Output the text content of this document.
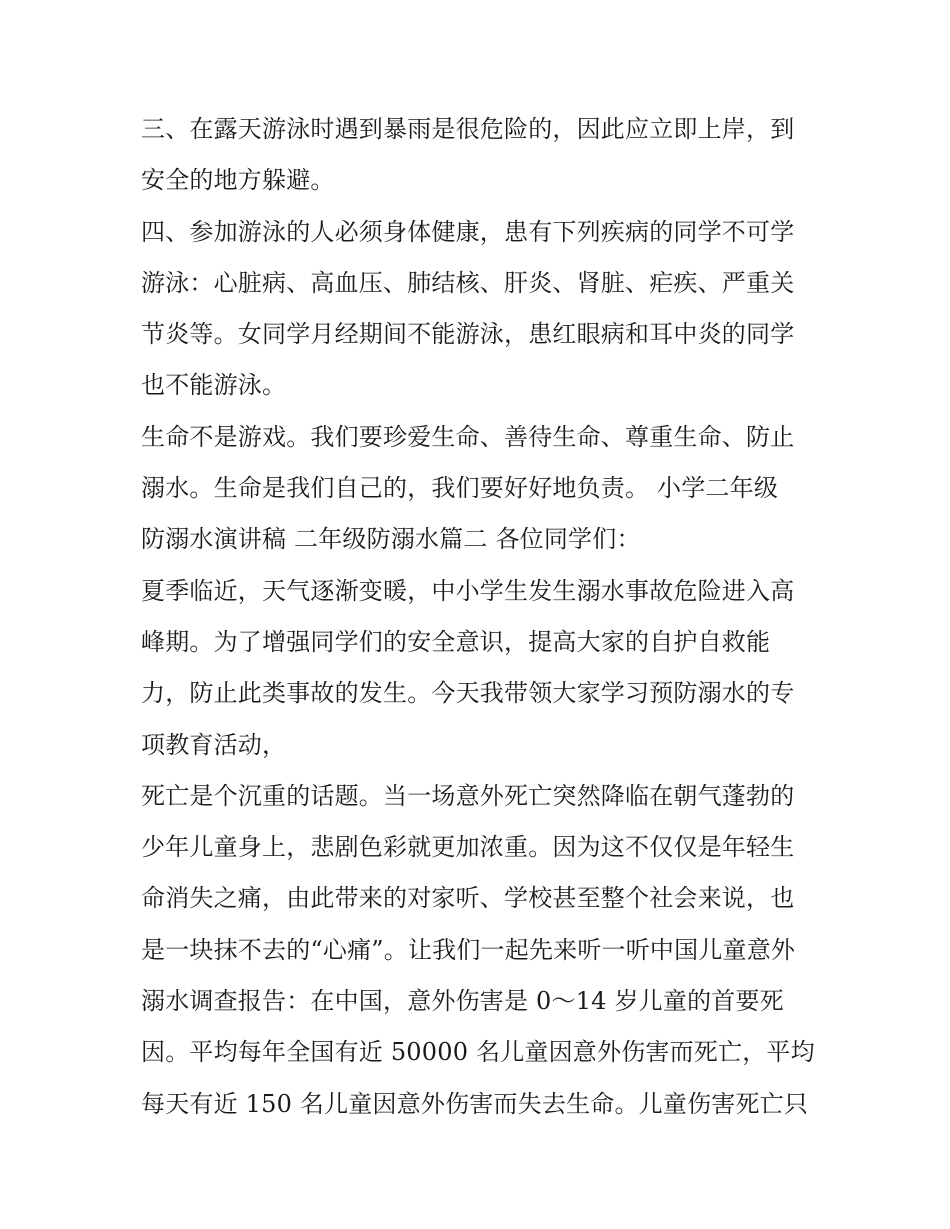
三、在露天游泳时遇到暴雨是很危险的，因此应立即上岸，到
安全的地方躲避。
四、参加游泳的人必须身体健康，患有下列疾病的同学不可学
游泳：心脏病、高血压、肺结核、肝炎、肾脏、疟疾、严重关
节炎等。女同学月经期间不能游泳，患红眼病和耳中炎的同学
也不能游泳。
生命不是游戏。我们要珍爱生命、善待生命、尊重生命、防止
溺水。生命是我们自己的，我们要好好地负责。 小学二年级
防溺水演讲稿 二年级防溺水篇二 各位同学们：
夏季临近，天气逐渐变暖，中小学生发生溺水事故危险进入高
峰期。为了增强同学们的安全意识，提高大家的自护自救能
力，防止此类事故的发生。今天我带领大家学习预防溺水的专
项教育活动，
死亡是个沉重的话题。当一场意外死亡突然降临在朝气蓬勃的
少年儿童身上，悲剧色彩就更加浓重。因为这不仅仅是年轻生
命消失之痛，由此带来的对家听、学校甚至整个社会来说，也
是一块抹不去的“心痛”。让我们一起先来听一听中国儿童意外
溺水调查报告：在中国，意外伤害是 0～14 岁儿童的首要死
因。平均每年全国有近 50000 名儿童因意外伤害而死亡，平均
每天有近 150 名儿童因意外伤害而失去生命。儿童伤害死亡只
